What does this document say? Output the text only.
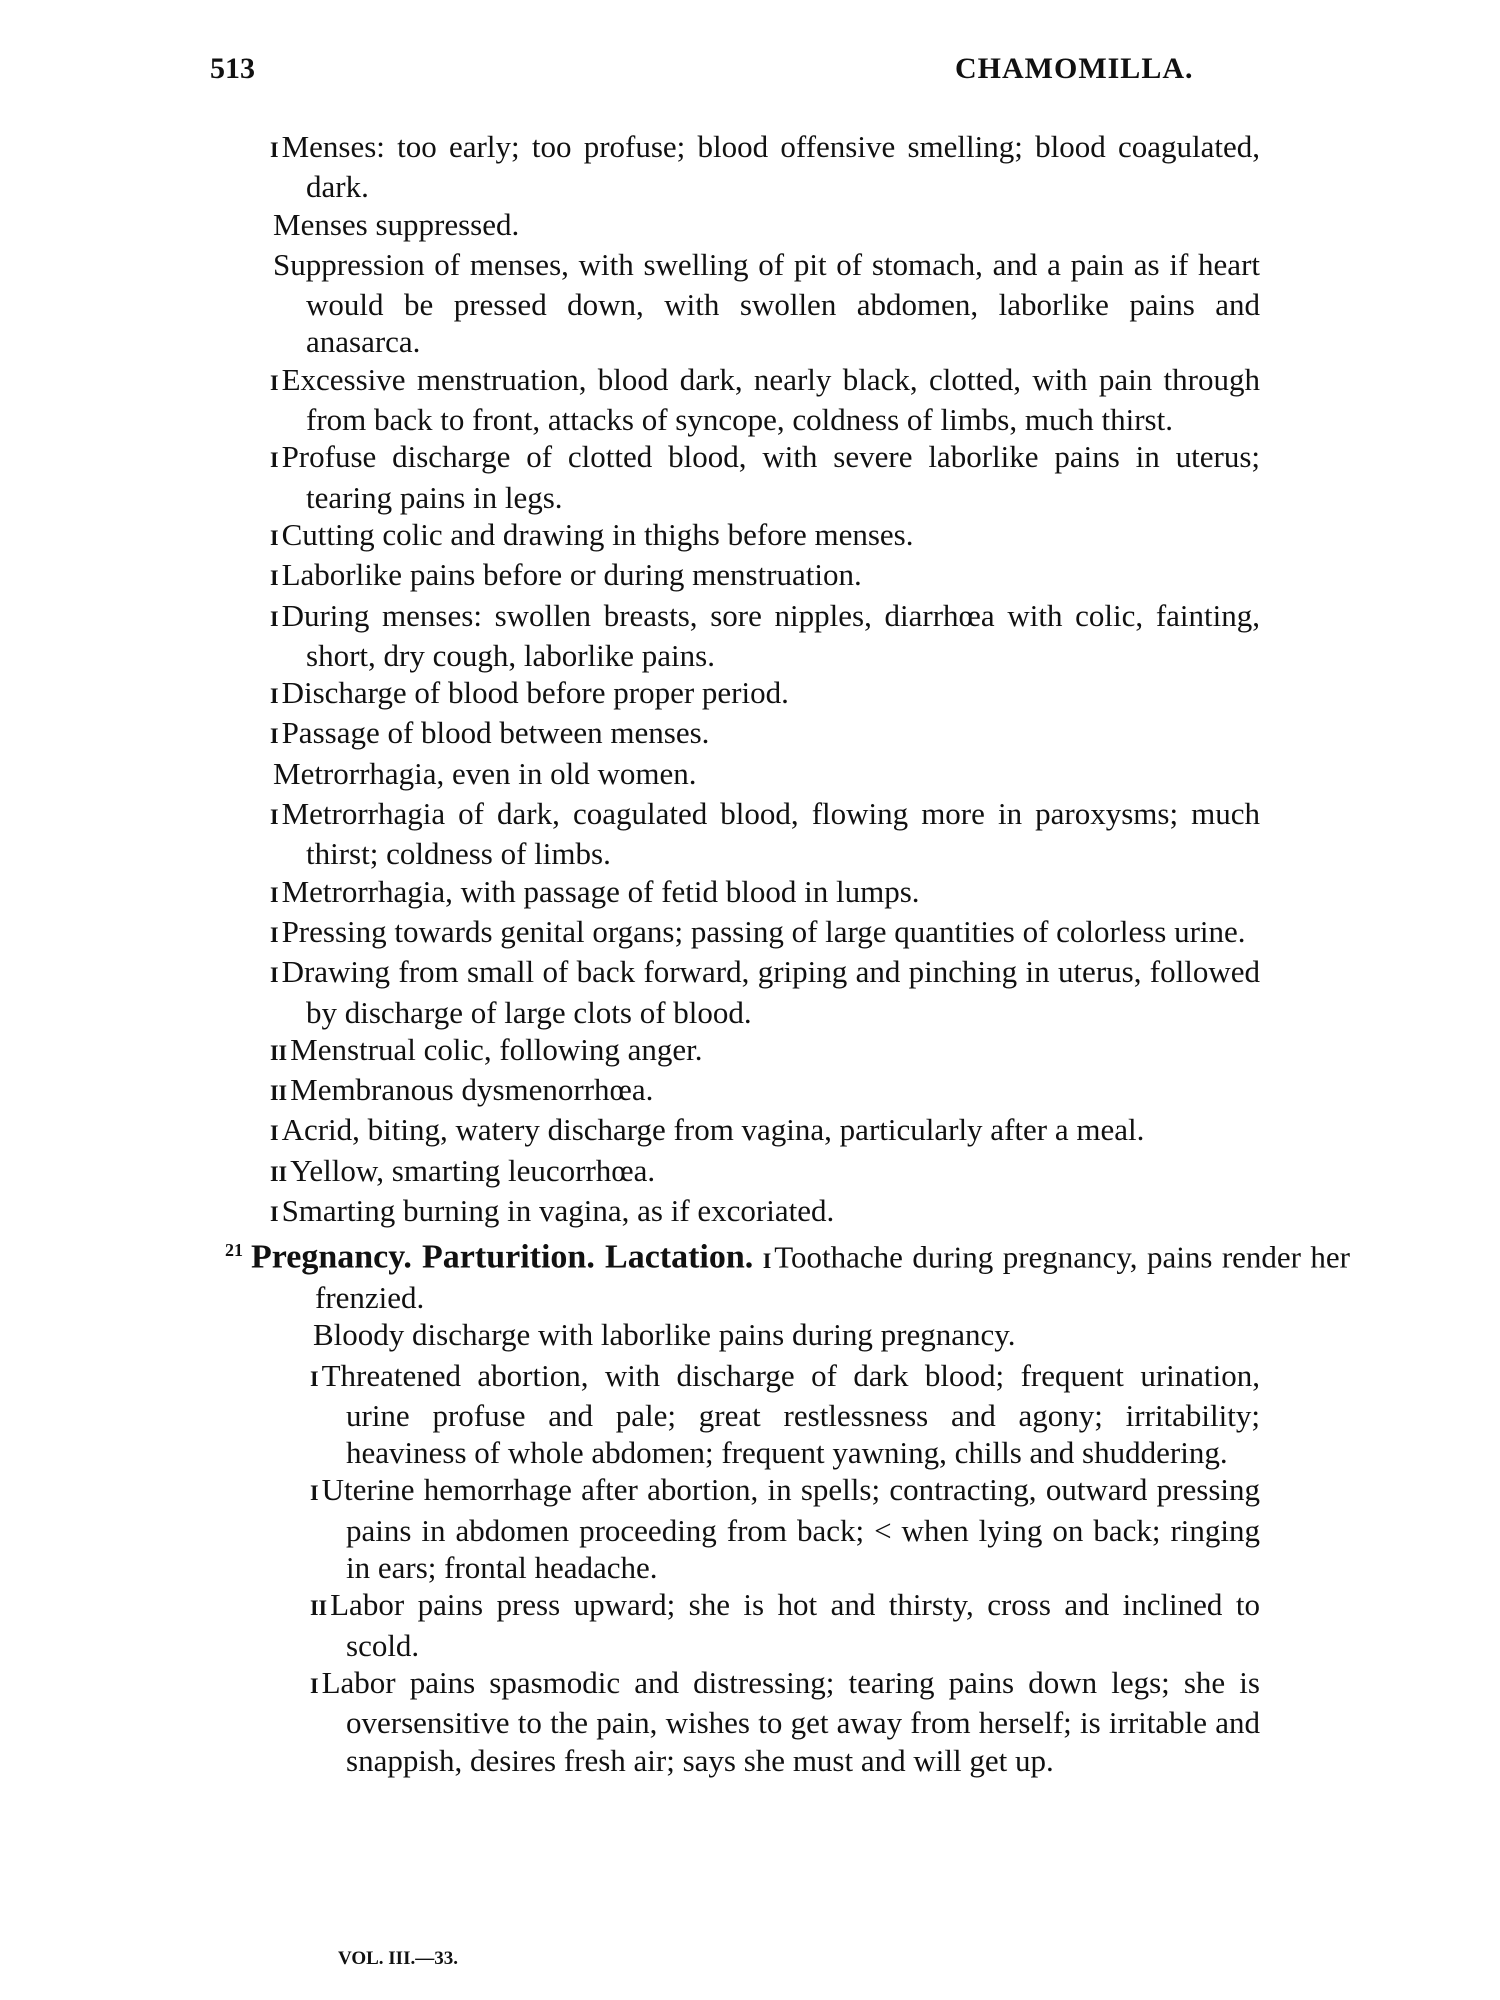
513	CHAMOMILLA.

IMenses: too early; too profuse; blood offensive smelling; blood coagulated, dark.

Menses suppressed.

Suppression of menses, with swelling of pit of stomach, and a pain as if heart would be pressed down, with swollen abdomen, laborlike pains and anasarca.

IExcessive menstruation, blood dark, nearly black, clotted, with pain through from back to front, attacks of syncope, coldness of limbs, much thirst.

IProfuse discharge of clotted blood, with severe laborlike pains in uterus; tearing pains in legs.

ICutting colic and drawing in thighs before menses.

ILaborlike pains before or during menstruation.

IDuring menses: swollen breasts, sore nipples, diarrhœa with colic, fainting, short, dry cough, laborlike pains.

IDischarge of blood before proper period.

IPassage of blood between menses.

Metrorrhagia, even in old women.

IMetrorrhagia of dark, coagulated blood, flowing more in paroxysms; much thirst; coldness of limbs.

IMetrorrhagia, with passage of fetid blood in lumps.

IPressing towards genital organs; passing of large quantities of colorless urine.

IDrawing from small of back forward, griping and pinching in uterus, followed by discharge of large clots of blood.

IIMenstrual colic, following anger.

IIMembranous dysmenorrhœa.

IAcrid, biting, watery discharge from vagina, particularly after a meal.

IIYellow, smarting leucorrhœa.

ISmarting burning in vagina, as if excoriated.

$^{21}$ Pregnancy. Parturition. Lactation. IToothache during pregnancy, pains render her frenzied.

Bloody discharge with laborlike pains during pregnancy.

IThreatened abortion, with discharge of dark blood; frequent urination, urine profuse and pale; great restlessness and agony; irritability; heaviness of whole abdomen; frequent yawning, chills and shuddering.

IUterine hemorrhage after abortion, in spells; contracting, outward pressing pains in abdomen proceeding from back; < when lying on back; ringing in ears; frontal headache.

IILabor pains press upward; she is hot and thirsty, cross and inclined to scold.

ILabor pains spasmodic and distressing; tearing pains down legs; she is oversensitive to the pain, wishes to get away from herself; is irritable and snappish, desires fresh air; says she must and will get up.

VOL. III.—33.
